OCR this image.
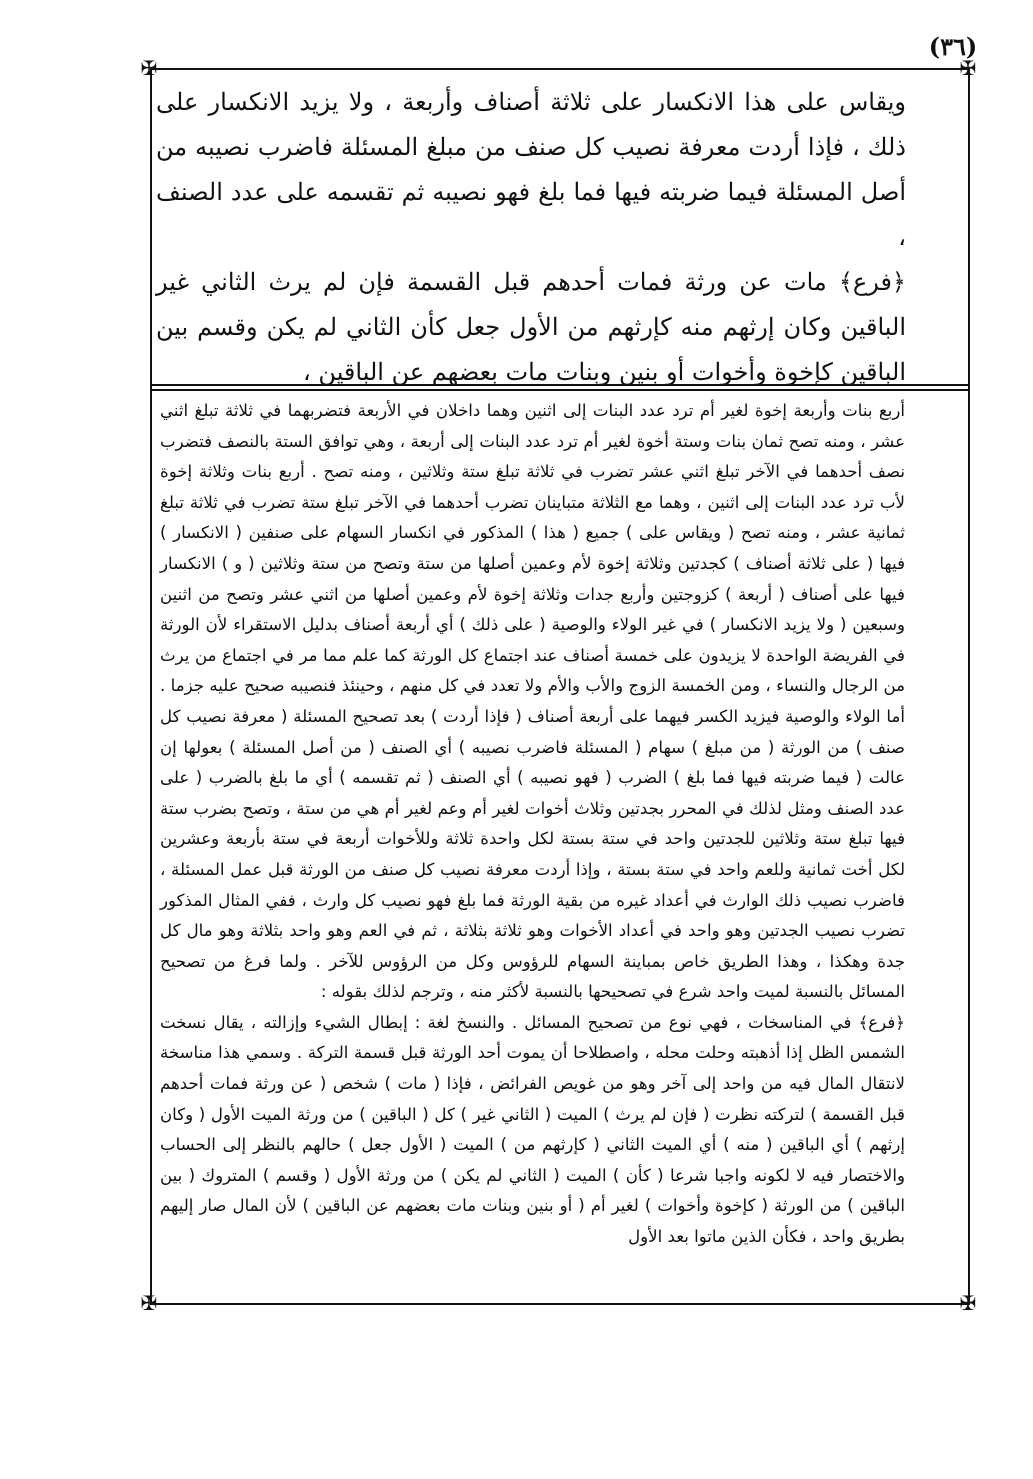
(٣٦)
✠	✠
✠	✠

ويقاس على هذا الانكسار على ثلاثة أصناف وأربعة ، ولا يزيد الانكسار على ذلك ، فإذا أردت معرفة نصيب كل صنف من مبلغ المسئلة فاضرب نصيبه من أصل المسئلة فيما ضربته فيها فما بلغ فهو نصيبه ثم تقسمه على عدد الصنف ،

﴿فرع﴾ مات عن ورثة فمات أحدهم قبل القسمة فإن لم يرث الثاني غير الباقين وكان إرثهم منه كإرثهم من الأول جعل كأن الثاني لم يكن وقسم بين الباقين كإخوة وأخوات أو بنين وبنات مات بعضهم عن الباقين ،

أربع بنات وأربعة إخوة لغير أم ترد عدد البنات إلى اثنين وهما داخلان في الأربعة فتضربهما في ثلاثة تبلغ اثني عشر ، ومنه تصح ثمان بنات وستة أخوة لغير أم ترد عدد البنات إلى أربعة ، وهي توافق الستة بالنصف فتضرب نصف أحدهما في الآخر تبلغ اثني عشر تضرب في ثلاثة تبلغ ستة وثلاثين ، ومنه تصح . أربع بنات وثلاثة إخوة لأب ترد عدد البنات إلى اثنين ، وهما مع الثلاثة متباينان تضرب أحدهما في الآخر تبلغ ستة تضرب في ثلاثة تبلغ ثمانية عشر ، ومنه تصح ( ويقاس على ) جميع ( هذا ) المذكور في انكسار السهام على صنفين ( الانكسار ) فيها ( على ثلاثة أصناف ) كجدتين وثلاثة إخوة لأم وعمين أصلها من ستة وتصح من ستة وثلاثين ( و ) الانكسار فيها على أصناف ( أربعة ) كزوجتين وأربع جدات وثلاثة إخوة لأم وعمين أصلها من اثني عشر وتصح من اثنين وسبعين ( ولا يزيد الانكسار ) في غير الولاء والوصية ( على ذلك ) أي أربعة أصناف بدليل الاستقراء لأن الورثة في الفريضة الواحدة لا يزيدون على خمسة أصناف عند اجتماع كل الورثة كما علم مما مر في اجتماع من يرث من الرجال والنساء ، ومن الخمسة الزوج والأب والأم ولا تعدد في كل منهم ، وحينئذ فنصيبه صحيح عليه جزما . أما الولاء والوصية فيزيد الكسر فيهما على أربعة أصناف ( فإذا أردت ) بعد تصحيح المسئلة ( معرفة نصيب كل صنف ) من الورثة ( من مبلغ ) سهام ( المسئلة فاضرب نصيبه ) أي الصنف ( من أصل المسئلة ) بعولها إن عالت ( فيما ضربته فيها فما بلغ ) الضرب ( فهو نصيبه ) أي الصنف ( ثم تقسمه ) أي ما بلغ بالضرب ( على عدد الصنف ومثل لذلك في المحرر بجدتين وثلاث أخوات لغير أم وعم لغير أم هي من ستة ، وتصح بضرب ستة فيها تبلغ ستة وثلاثين للجدتين واحد في ستة بستة لكل واحدة ثلاثة وللأخوات أربعة في ستة بأربعة وعشرين لكل أخت ثمانية وللعم واحد في ستة بستة ، وإذا أردت معرفة نصيب كل صنف من الورثة قبل عمل المسئلة ، فاضرب نصيب ذلك الوارث في أعداد غيره من بقية الورثة فما بلغ فهو نصيب كل وارث ، ففي المثال المذكور تضرب نصيب الجدتين وهو واحد في أعداد الأخوات وهو ثلاثة بثلاثة ، ثم في العم وهو واحد بثلاثة وهو مال كل جدة وهكذا ، وهذا الطريق خاص بمباينة السهام للرؤوس وكل من الرؤوس للآخر . ولما فرغ من تصحيح المسائل بالنسبة لميت واحد شرع في تصحيحها بالنسبة لأكثر منه ، وترجم لذلك بقوله :

﴿فرع﴾ في المناسخات ، فهي نوع من تصحيح المسائل . والنسخ لغة : إبطال الشيء وإزالته ، يقال نسخت الشمس الظل إذا أذهبته وحلت محله ، واصطلاحا أن يموت أحد الورثة قبل قسمة التركة . وسمي هذا مناسخة لانتقال المال فيه من واحد إلى آخر وهو من غويص الفرائض ، فإذا ( مات ) شخص ( عن ورثة فمات أحدهم قبل القسمة ) لتركته نظرت ( فإن لم يرث ) الميت ( الثاني غير ) كل ( الباقين ) من ورثة الميت الأول ( وكان إرثهم ) أي الباقين ( منه ) أي الميت الثاني ( كإرثهم من ) الميت ( الأول جعل ) حالهم بالنظر إلى الحساب والاختصار فيه لا لكونه واجبا شرعا ( كأن ) الميت ( الثاني لم يكن ) من ورثة الأول ( وقسم ) المتروك ( بين الباقين ) من الورثة ( كإخوة وأخوات ) لغير أم ( أو بنين وبنات مات بعضهم عن الباقين ) لأن المال صار إليهم بطريق واحد ، فكأن الذين ماتوا بعد الأول
